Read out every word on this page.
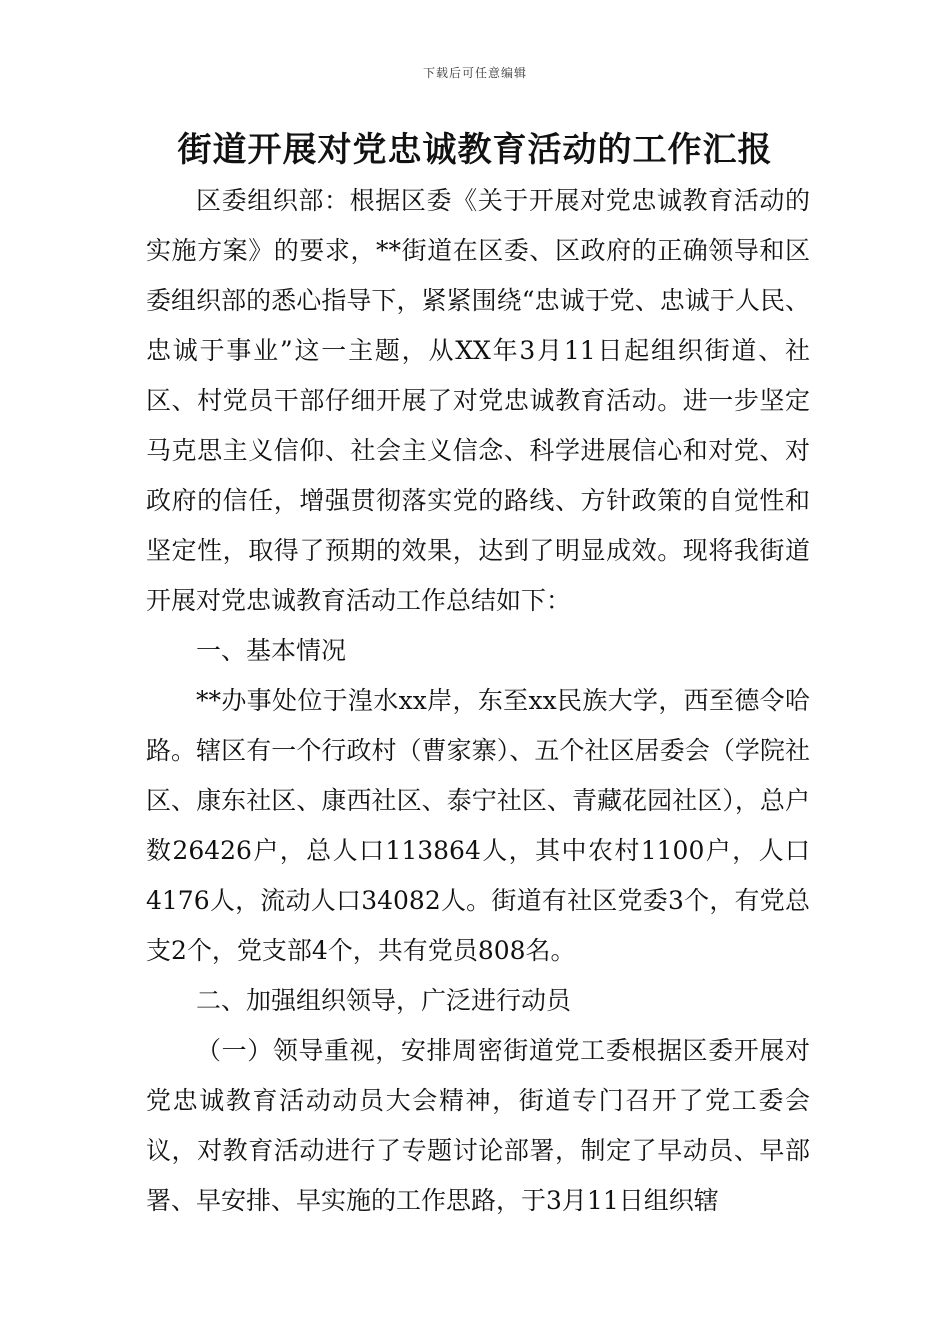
下载后可任意编辑
街道开展对党忠诚教育活动的工作汇报

区委组织部：根据区委《关于开展对党忠诚教育活动的实施方案》的要求，**街道在区委、区政府的正确领导和区委组织部的悉心指导下，紧紧围绕“忠诚于党、忠诚于人民、忠诚于事业”这一主题，从XX年3月11日起组织街道、社区、村党员干部仔细开展了对党忠诚教育活动。进一步坚定马克思主义信仰、社会主义信念、科学进展信心和对党、对政府的信任，增强贯彻落实党的路线、方针政策的自觉性和坚定性，取得了预期的效果，达到了明显成效。现将我街道开展对党忠诚教育活动工作总结如下：

一、基本情况

**办事处位于湟水xx岸，东至xx民族大学，西至德令哈路。辖区有一个行政村（曹家寨）、五个社区居委会（学院社区、康东社区、康西社区、泰宁社区、青藏花园社区），总户数26426户，总人口113864人，其中农村1100户，人口4176人，流动人口34082人。街道有社区党委3个，有党总支2个，党支部4个，共有党员808名。

二、加强组织领导，广泛进行动员

（一）领导重视，安排周密街道党工委根据区委开展对党忠诚教育活动动员大会精神，街道专门召开了党工委会议，对教育活动进行了专题讨论部署，制定了早动员、早部署、早安排、早实施的工作思路，于3月11日组织辖
